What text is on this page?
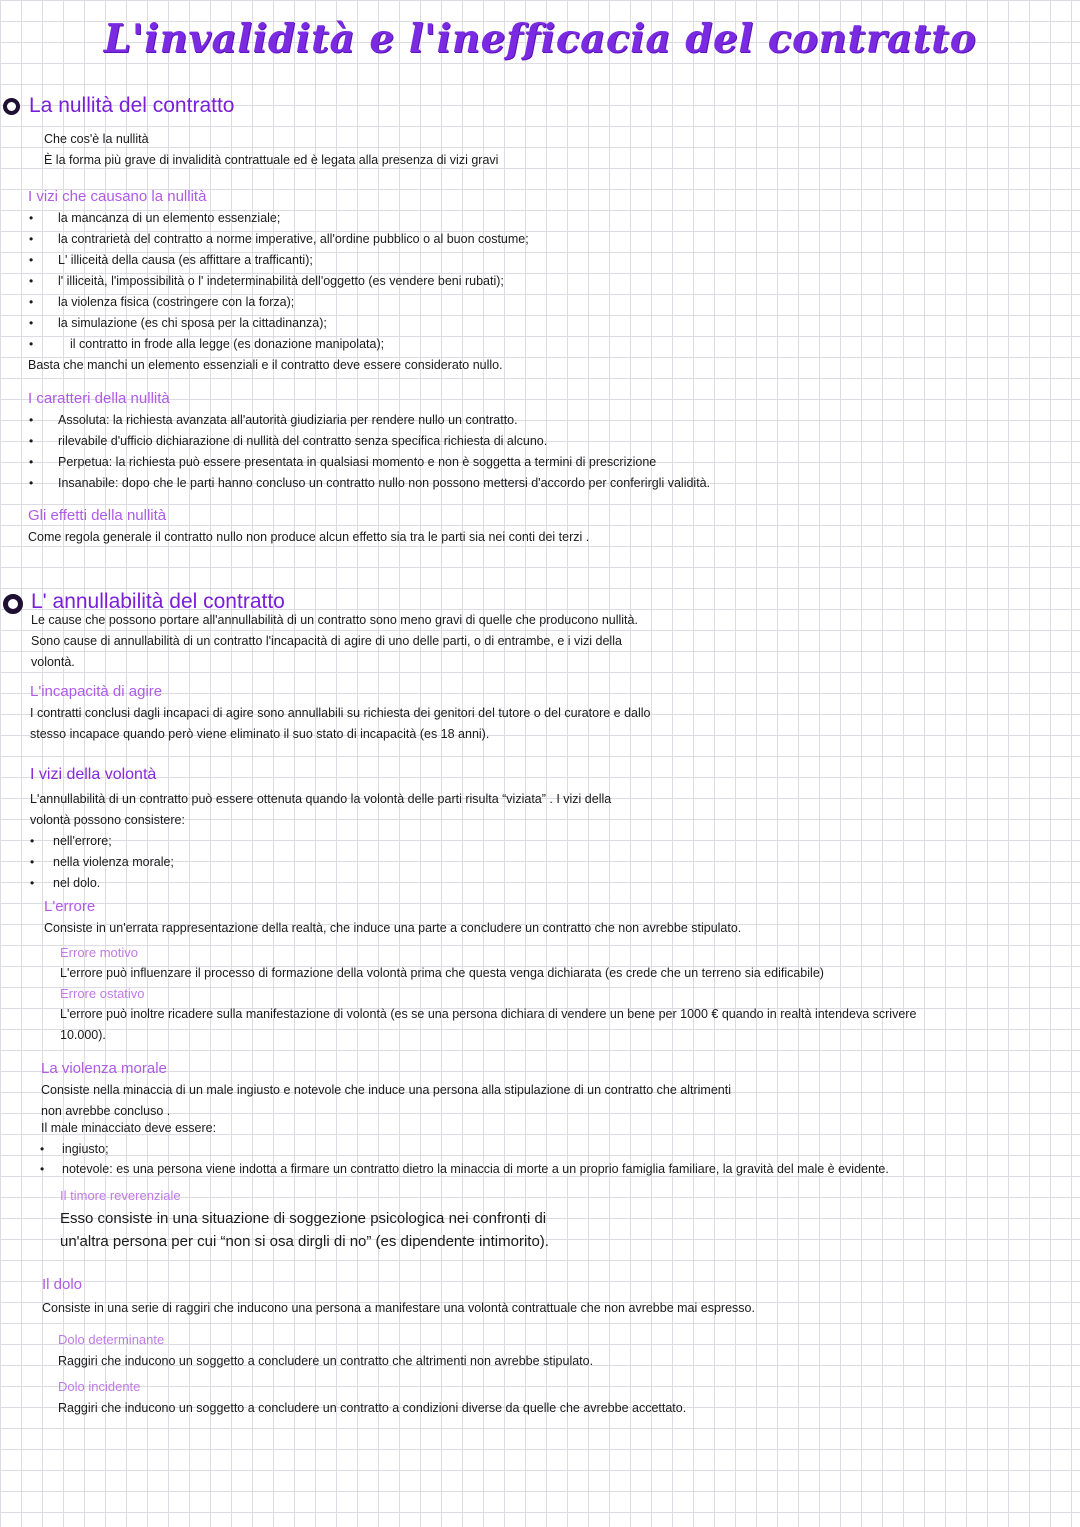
L'invalidità e l'inefficacia del contratto
La nullità del contratto
Che cos'è la nullità
È la forma più grave di invalidità contrattuale ed è legata alla presenza di vizi gravi
I vizi che causano la nullità
• la mancanza di un elemento essenziale;
• la contrarietà del contratto a norme imperative, all'ordine pubblico o al buon costume;
• L' illiceità della causa (es affittare a trafficanti);
• l' illiceità, l'impossibilità o l' indeterminabilità dell'oggetto (es vendere beni rubati);
• la violenza fisica (costringere con la forza);
• la simulazione (es chi sposa per la cittadinanza);
•	il contratto in frode alla legge (es donazione manipolata);
Basta che manchi un elemento essenziali e il contratto deve essere considerato nullo.
I caratteri della nullità
• Assoluta: la richiesta avanzata all'autorità giudiziaria per rendere nullo un contratto.
• rilevabile d'ufficio dichiarazione di nullità del contratto senza specifica richiesta di alcuno.
• Perpetua: la richiesta può essere presentata in qualsiasi momento e non è soggetta a termini di prescrizione
• Insanabile: dopo che le parti hanno concluso un contratto nullo non possono mettersi d'accordo per conferirgli validità.
Gli effetti della nullità
Come regola generale il contratto nullo non produce alcun effetto sia tra le parti sia nei conti dei terzi .
L' annullabilità del contratto
Le cause che possono portare all'annullabilità di un contratto sono meno gravi di quelle che producono nullità.
Sono cause di annullabilità di un contratto l'incapacità di agire di uno delle parti, o di entrambe, e i vizi della
volontà.
L'incapacità di agire
I contratti conclusi dagli incapaci di agire sono annullabili su richiesta dei genitori del tutore o del curatore e dallo
stesso incapace quando però viene eliminato il suo stato di incapacità (es 18 anni).
I vizi della volontà
L'annullabilità di un contratto può essere ottenuta quando la volontà delle parti risulta “viziata” . I vizi della
volontà possono consistere:
• nell'errore;
• nella violenza morale;
• nel dolo.
L'errore
Consiste in un'errata rappresentazione della realtà, che induce una parte a concludere un contratto che non avrebbe stipulato.
Errore motivo
L'errore può influenzare il processo di formazione della volontà prima che questa venga dichiarata (es crede che un terreno sia edificabile)
Errore ostativo
L'errore può inoltre ricadere sulla manifestazione di volontà (es se una persona dichiara di vendere un bene per 1000 € quando in realtà intendeva scrivere
10.000).
La violenza morale
Consiste nella minaccia di un male ingiusto e notevole che induce una persona alla stipulazione di un contratto che altrimenti
non avrebbe concluso .
Il male minacciato deve essere:
• ingiusto;
• notevole: es una persona viene indotta a firmare un contratto dietro la minaccia di morte a un proprio famiglia familiare, la gravità del male è evidente.
Il timore reverenziale
Esso consiste in una situazione di soggezione psicologica nei confronti di
un'altra persona per cui “non si osa dirgli di no” (es dipendente intimorito).
Il dolo
Consiste in una serie di raggiri che inducono una persona a manifestare una volontà contrattuale che non avrebbe mai espresso.
Dolo determinante
Raggiri che inducono un soggetto a concludere un contratto che altrimenti non avrebbe stipulato.
Dolo incidente
Raggiri che inducono un soggetto a concludere un contratto a condizioni diverse da quelle che avrebbe accettato.
